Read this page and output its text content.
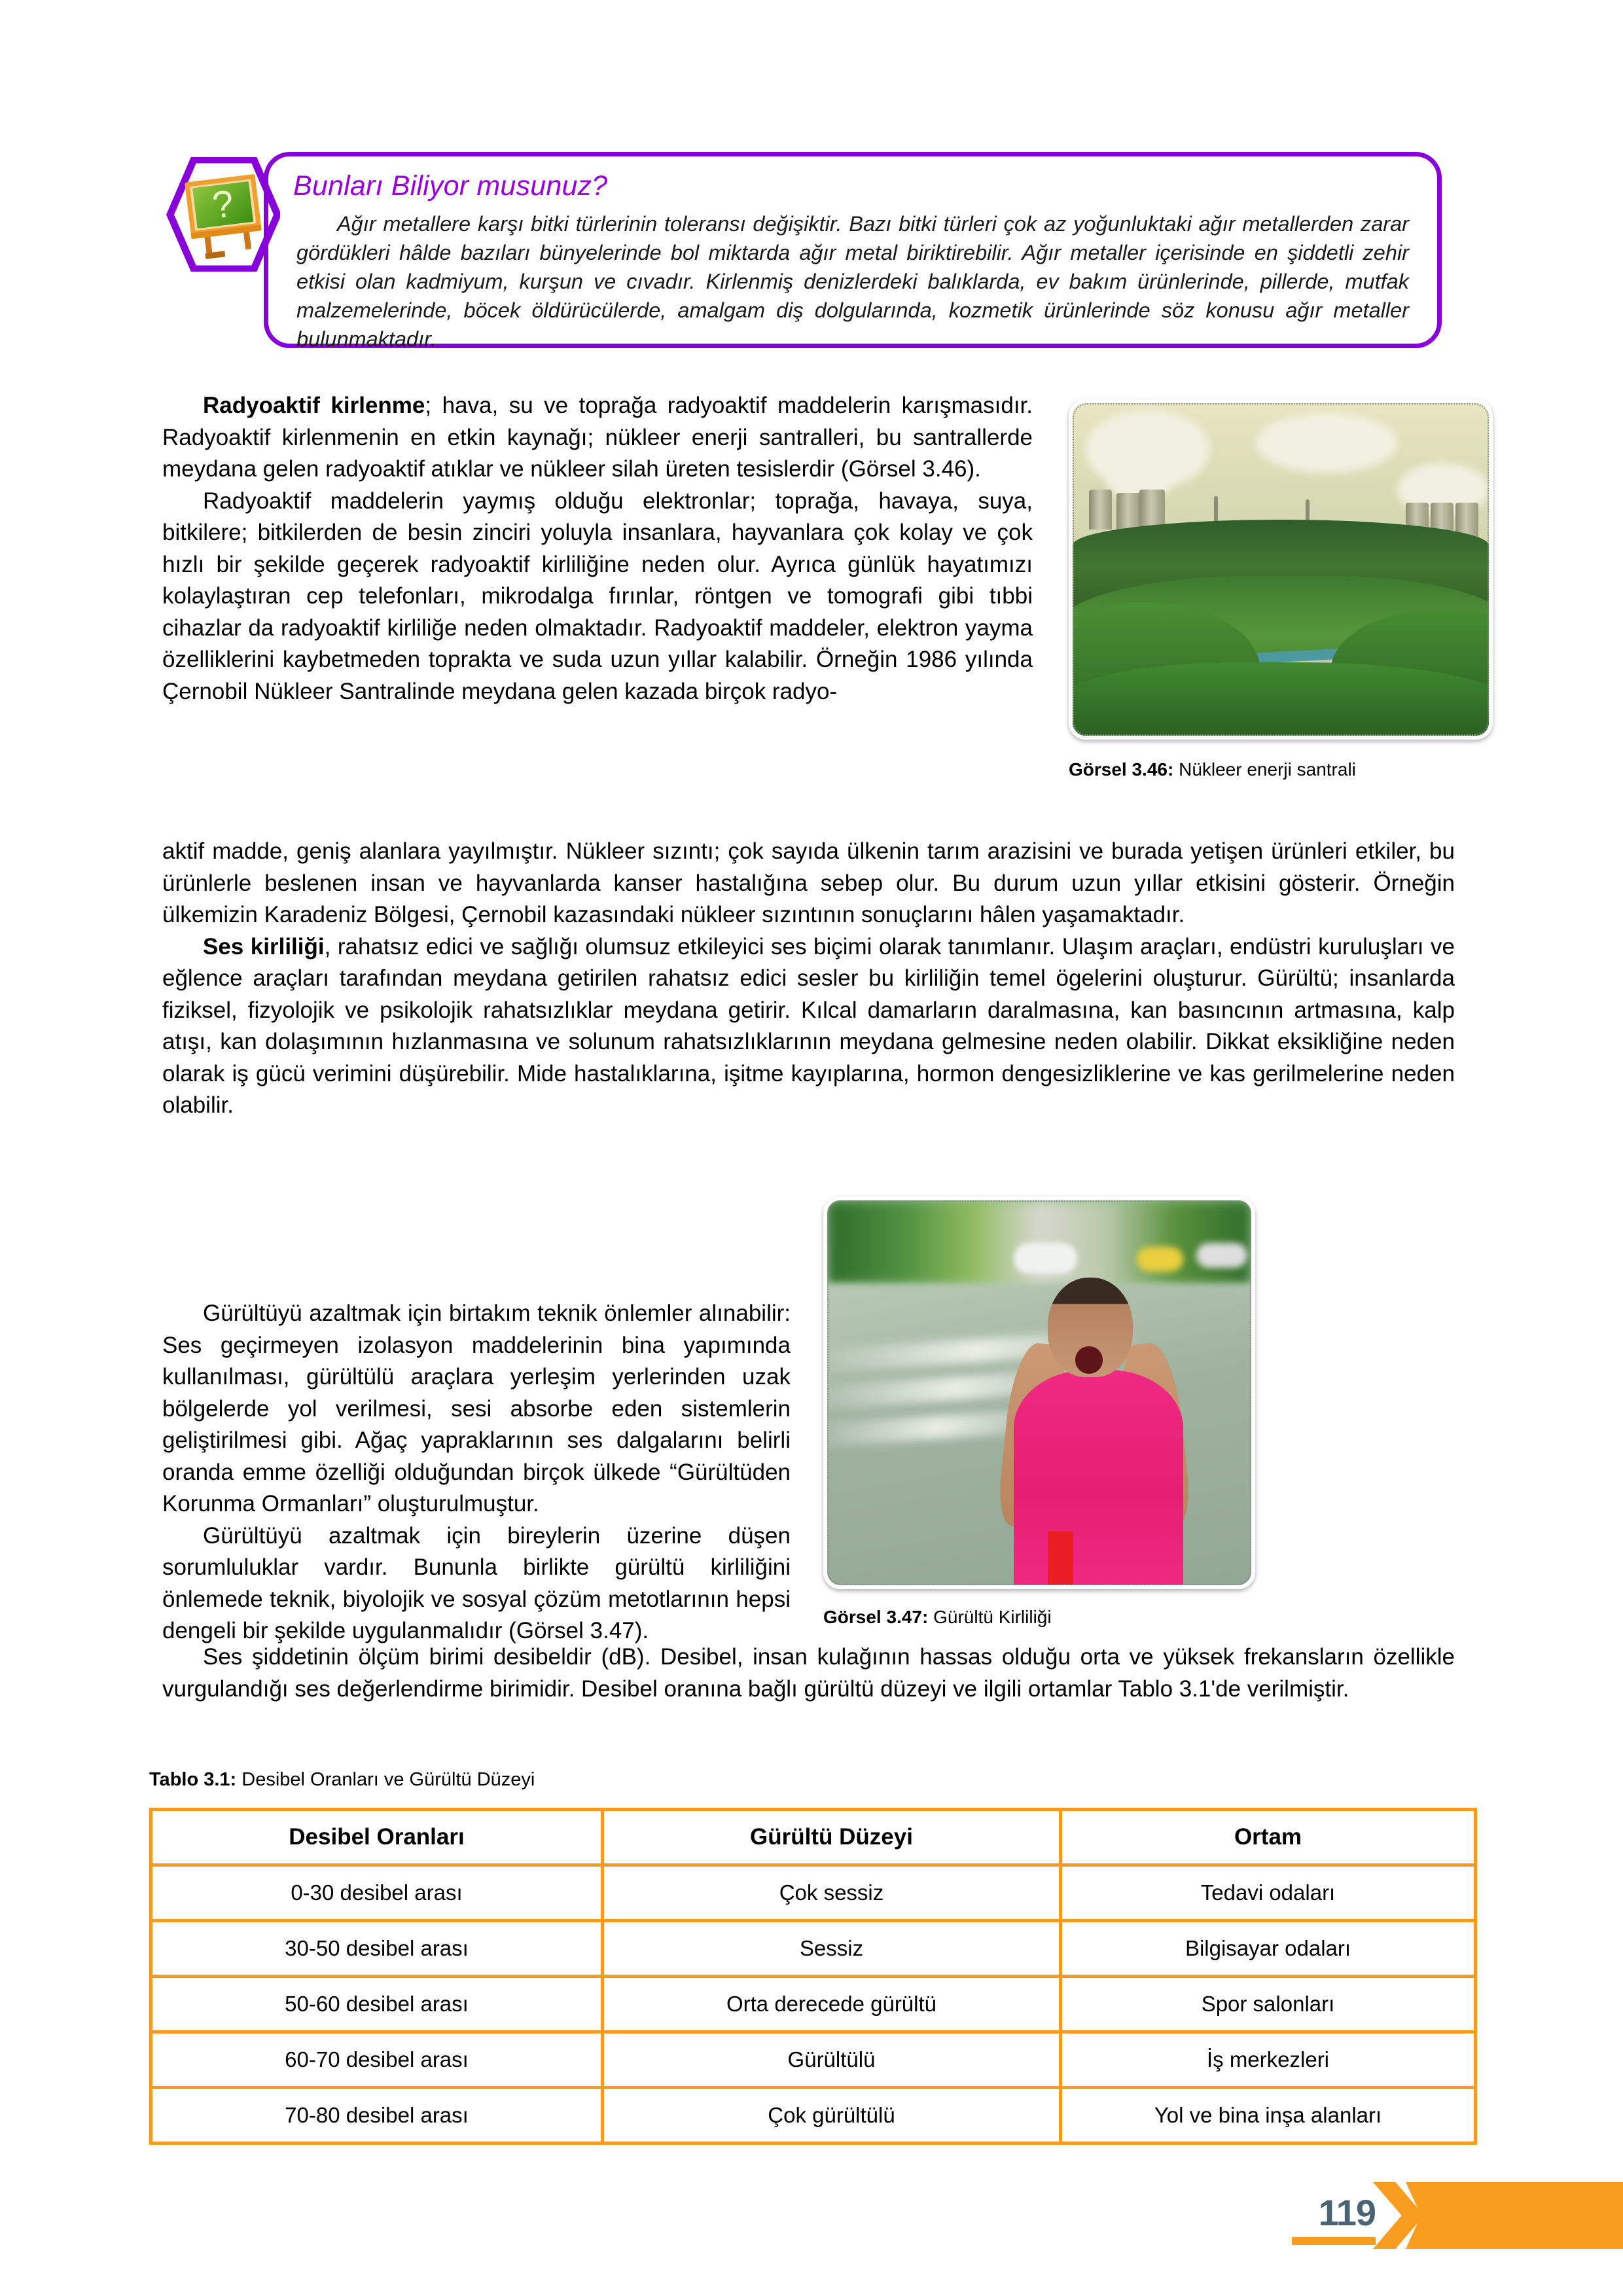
? Bunları Biliyor musunuz?
Ağır metallere karşı bitki türlerinin toleransı değişiktir. Bazı bitki türleri çok az yoğunluktaki ağır metallerden zarar gördükleri hâlde bazıları bünyelerinde bol miktarda ağır metal biriktirebilir. Ağır metaller içerisinde en şiddetli zehir etkisi olan kadmiyum, kurşun ve cıvadır. Kirlenmiş denizlerdeki balıklarda, ev bakım ürünlerinde, pillerde, mutfak malzemelerinde, böcek öldürücülerde, amalgam diş dolgularında, kozmetik ürünlerinde söz konusu ağır metaller bulunmaktadır.

Radyoaktif kirlenme; hava, su ve toprağa radyoaktif maddelerin karışmasıdır. Radyoaktif kirlenmenin en etkin kaynağı; nükleer enerji santralleri, bu santrallerde meydana gelen radyoaktif atıklar ve nükleer silah üreten tesislerdir (Görsel 3.46).

Radyoaktif maddelerin yaymış olduğu elektronlar; toprağa, havaya, suya, bitkilere; bitkilerden de besin zinciri yoluyla insanlara, hayvanlara çok kolay ve çok hızlı bir şekilde geçerek radyoaktif kirliliğine neden olur. Ayrıca günlük hayatımızı kolaylaştıran cep telefonları, mikrodalga fırınlar, röntgen ve tomografi gibi tıbbi cihazlar da radyoaktif kirliliğe neden olmaktadır. Radyoaktif maddeler, elektron yayma özelliklerini kaybetmeden toprakta ve suda uzun yıllar kalabilir. Örneğin 1986 yılında Çernobil Nükleer Santralinde meydana gelen kazada birçok radyo-

aktif madde, geniş alanlara yayılmıştır. Nükleer sızıntı; çok sayıda ülkenin tarım arazisini ve burada yetişen ürünleri etkiler, bu ürünlerle beslenen insan ve hayvanlarda kanser hastalığına sebep olur. Bu durum uzun yıllar etkisini gösterir. Örneğin ülkemizin Karadeniz Bölgesi, Çernobil kazasındaki nükleer sızıntının sonuçlarını hâlen yaşamaktadır.

Ses kirliliği, rahatsız edici ve sağlığı olumsuz etkileyici ses biçimi olarak tanımlanır. Ulaşım araçları, endüstri kuruluşları ve eğlence araçları tarafından meydana getirilen rahatsız edici sesler bu kirliliğin temel ögelerini oluşturur. Gürültü; insanlarda fiziksel, fizyolojik ve psikolojik rahatsızlıklar meydana getirir. Kılcal damarların daralmasına, kan basıncının artmasına, kalp atışı, kan dolaşımının hızlanmasına ve solunum rahatsızlıklarının meydana gelmesine neden olabilir. Dikkat eksikliğine neden olarak iş gücü verimini düşürebilir. Mide hastalıklarına, işitme kayıplarına, hormon dengesizliklerine ve kas gerilmelerine neden olabilir.

Gürültüyü azaltmak için birtakım teknik önlemler alınabilir: Ses geçirmeyen izolasyon maddelerinin bina yapımında kullanılması, gürültülü araçlara yerleşim yerlerinden uzak bölgelerde yol verilmesi, sesi absorbe eden sistemlerin geliştirilmesi gibi. Ağaç yapraklarının ses dalgalarını belirli oranda emme özelliği olduğundan birçok ülkede “Gürültüden Korunma Ormanları” oluşturulmuştur.

Gürültüyü azaltmak için bireylerin üzerine düşen sorumluluklar vardır. Bununla birlikte gürültü kirliliğini önlemede teknik, biyolojik ve sosyal çözüm metotlarının hepsi dengeli bir şekilde uygulanmalıdır (Görsel 3.47).

Ses şiddetinin ölçüm birimi desibeldir (dB). Desibel, insan kulağının hassas olduğu orta ve yüksek frekansların özellikle vurgulandığı ses değerlendirme birimidir. Desibel oranına bağlı gürültü düzeyi ve ilgili ortamlar Tablo 3.1'de verilmiştir.

Görsel 3.46: Nükleer enerji santrali
Görsel 3.47: Gürültü Kirliliği
Tablo 3.1: Desibel Oranları ve Gürültü Düzeyi
Desibel Oranları	Gürültü Düzeyi	Ortam
0-30 desibel arası	Çok sessiz	Tedavi odaları
30-50 desibel arası	Sessiz	Bilgisayar odaları
50-60 desibel arası	Orta derecede gürültü	Spor salonları
60-70 desibel arası	Gürültülü	İş merkezleri
70-80 desibel arası	Çok gürültülü	Yol ve bina inşa alanları
119
